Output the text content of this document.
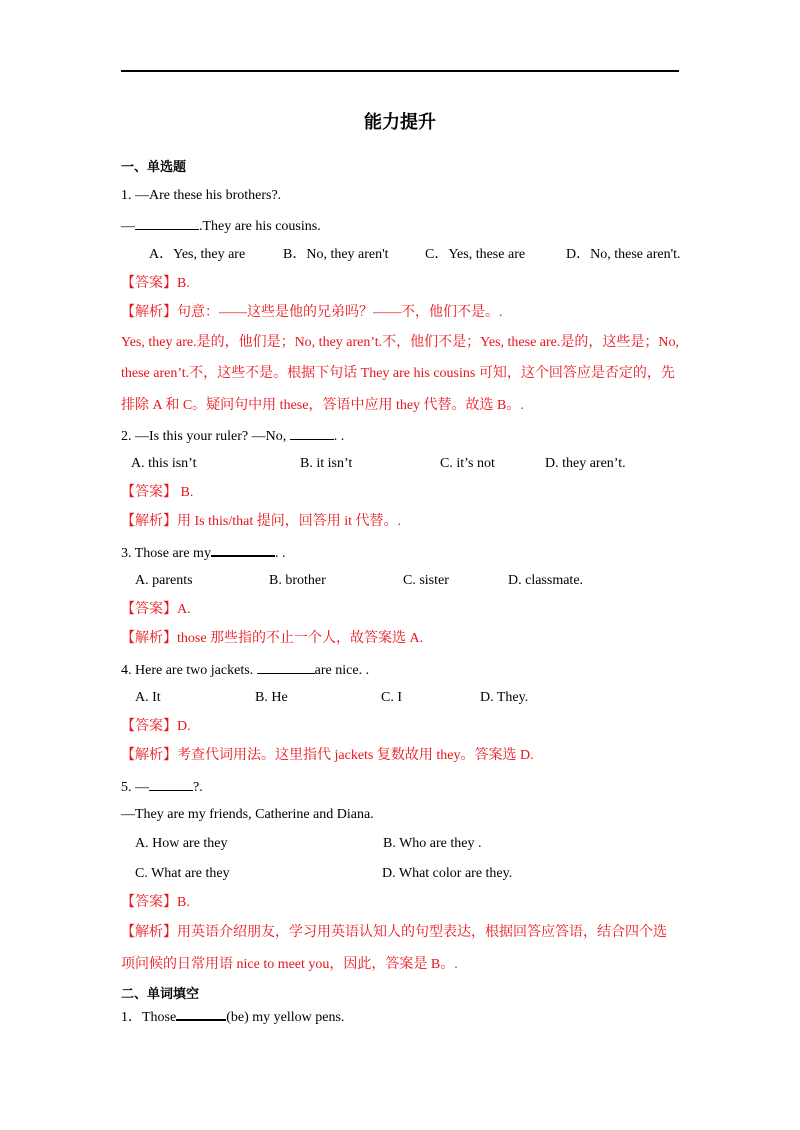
能力提升
一、单选题
1. —Are these his brothers?.
—	.They are his cousins.
A．Yes, they are	B．No, they aren't	C．Yes, these are	D．No, these aren't.
【答案】B.
【解析】句意：——这些是他的兄弟吗？——不，他们不是。.
Yes, they are.是的，他们是；No, they aren’t.不，他们不是；Yes, these are.是的，这些是；No,
these aren’t.不，这些不是。根据下句话 They are his cousins 可知，这个回答应是否定的，先
排除 A 和 C。疑问句中用 these，答语中应用 they 代替。故选 B。.
2. —Is this your ruler? —No,	. .
A. this isn’t	B. it isn’t	C. it’s not	D. they aren’t.
【答案】 B.
【解析】用 Is this/that 提问，回答用 it 代替。.
3. Those are my	. .
A. parents	B. brother	C. sister	D. classmate.
【答案】A.
【解析】those 那些指的不止一个人，故答案选 A.
4. Here are two jackets.	are nice. .
A. It	B. He	C. I	D. They.
【答案】D.
【解析】考查代词用法。这里指代 jackets 复数故用 they。答案选 D.
5. —	?.
—They are my friends, Catherine and Diana.
A. How are they	B. Who are they .
C. What are they	D. What color are they.
【答案】B.
【解析】用英语介绍朋友，学习用英语认知人的句型表达，根据回答应答语，结合四个选
项问候的日常用语 nice to meet you，因此，答案是 B。.
二、单词填空
1．Those	(be) my yellow pens.
